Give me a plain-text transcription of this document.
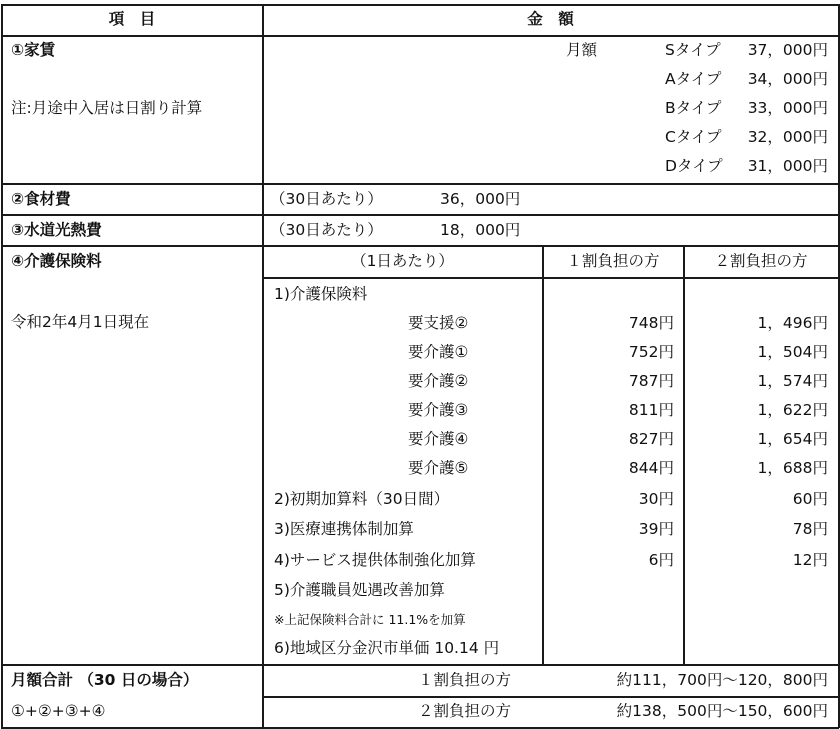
項　目	金　額
①家賃
注:月途中入居は日割り計算
月額	Sタイプ	37，000円
Aタイプ	34，000円
Bタイプ	33，000円
Cタイプ	32，000円
Dタイプ	31，000円
②食材費	（30日あたり）	36，000円
③水道光熱費	（30日あたり）	18，000円
④介護保険料
令和2年4月1日現在
（1日あたり）	１割負担の方	２割負担の方
1)介護保険料
要支援②	748円	1，496円
要介護①	752円	1，504円
要介護②	787円	1，574円
要介護③	811円	1，622円
要介護④	827円	1，654円
要介護⑤	844円	1，688円
2)初期加算料（30日間）	30円	60円
3)医療連携体制加算	39円	78円
4)サービス提供体制強化加算	6円	12円
5)介護職員処遇改善加算
※上記保険料合計に 11.1%を加算
6)地域区分金沢市単価 10.14 円
月額合計 （30 日の場合）
①+②+③+④
１割負担の方	約111，700円～120，800円
２割負担の方	約138，500円～150，600円
